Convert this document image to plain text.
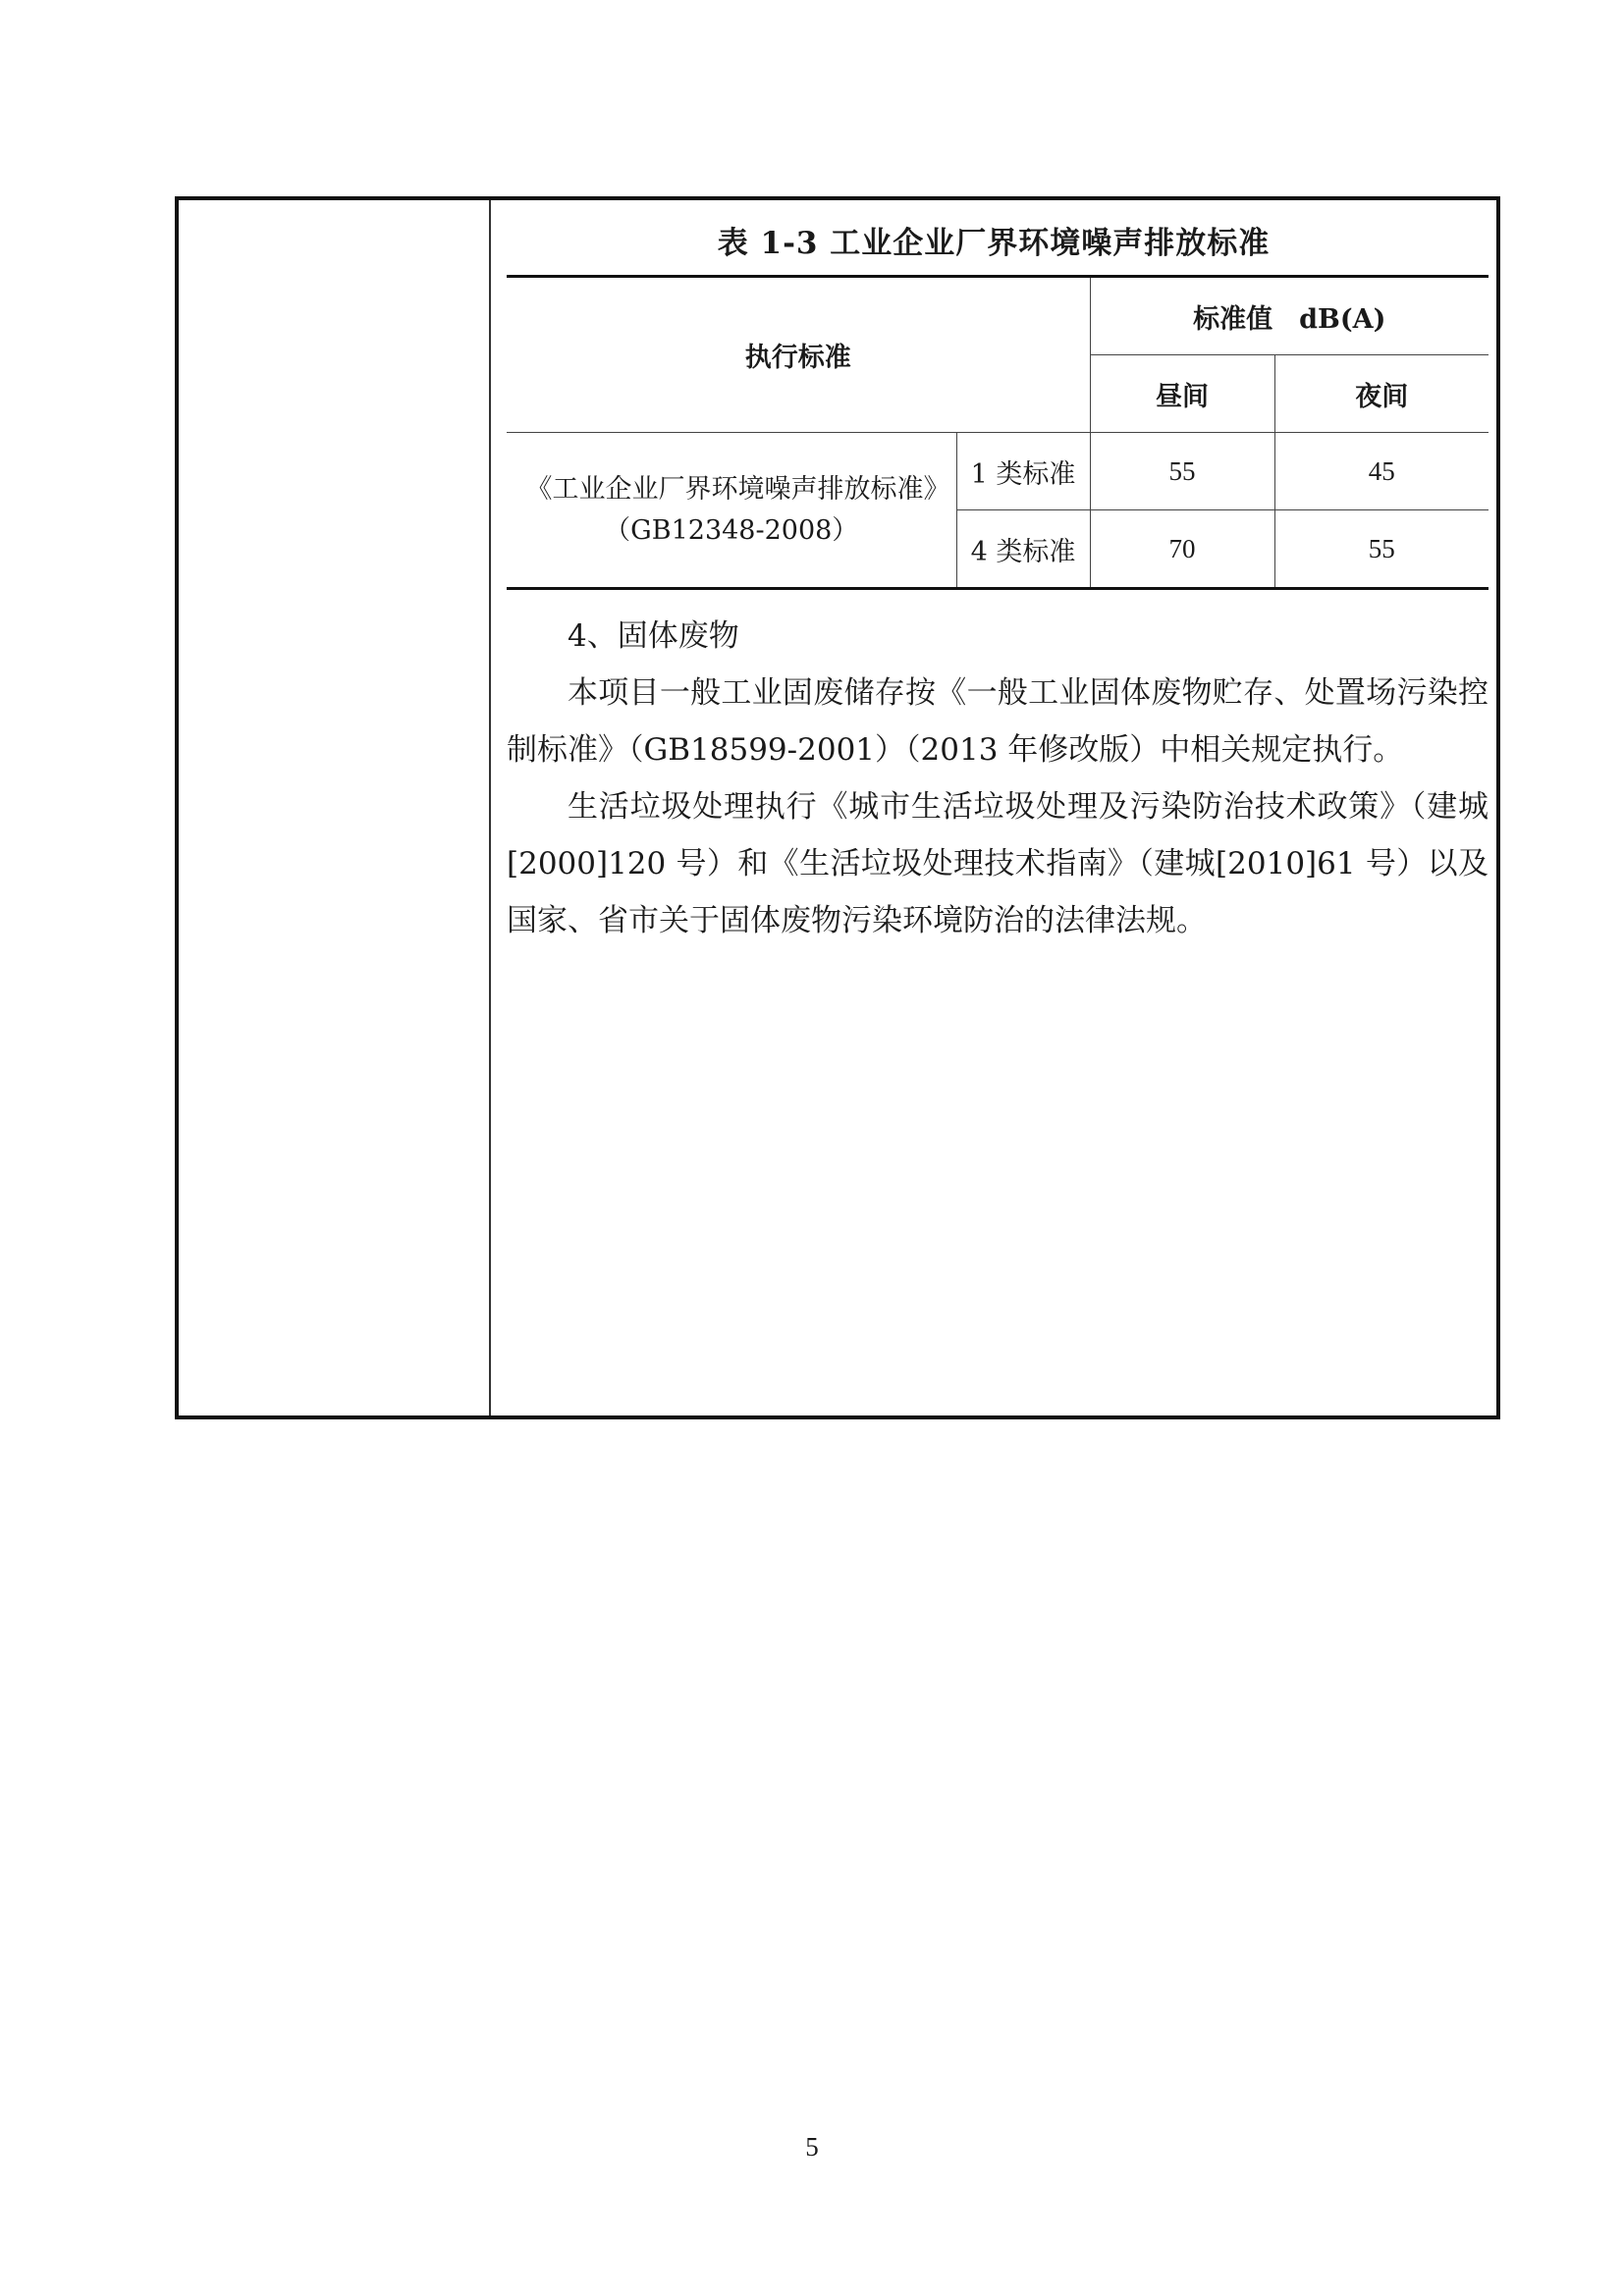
表 1-3 工业企业厂界环境噪声排放标准
执行标准		标准值　dB(A)	
		昼间	夜间
《工业企业厂界环境噪声排放标准》（GB12348-2008）	1 类标准	55	45
	4 类标准	70	55

4、固体废物

本项目一般工业固废储存按《一般工业固体废物贮存、处置场污染控制标准》（GB18599-2001）（2013 年修改版）中相关规定执行。

生活垃圾处理执行《城市生活垃圾处理及污染防治技术政策》（建城[2000]120 号）和《生活垃圾处理技术指南》（建城[2010]61 号）以及国家、省市关于固体废物污染环境防治的法律法规。

5
